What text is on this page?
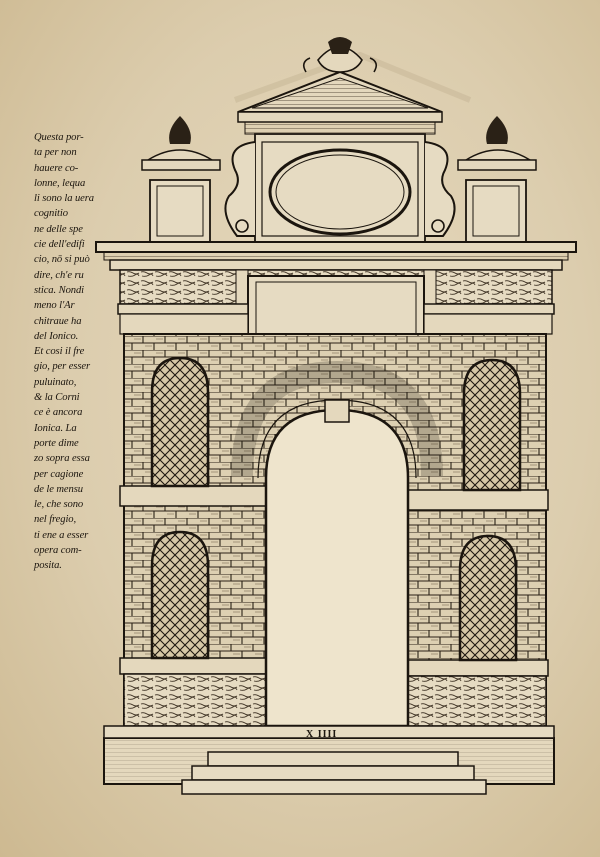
Questa por-
ta per non
hauere co-
lonne, lequa
li sono la uera
cognitio
ne delle spe
cie dell'edifi
cio, nō si può
dire, ch'e ru
stica. Nondi
meno l'Ar
chitraue ha
del Ionico.
Et cosi il fre
gio, per esser
puluinato,
& la Corni
ce è ancora
Ionica. La
porte dime
zo sopra essa
per cagione
de le mensu
le, che sono
nel fregio,
ti ene a esser
opera com-
posita.
X IIII
